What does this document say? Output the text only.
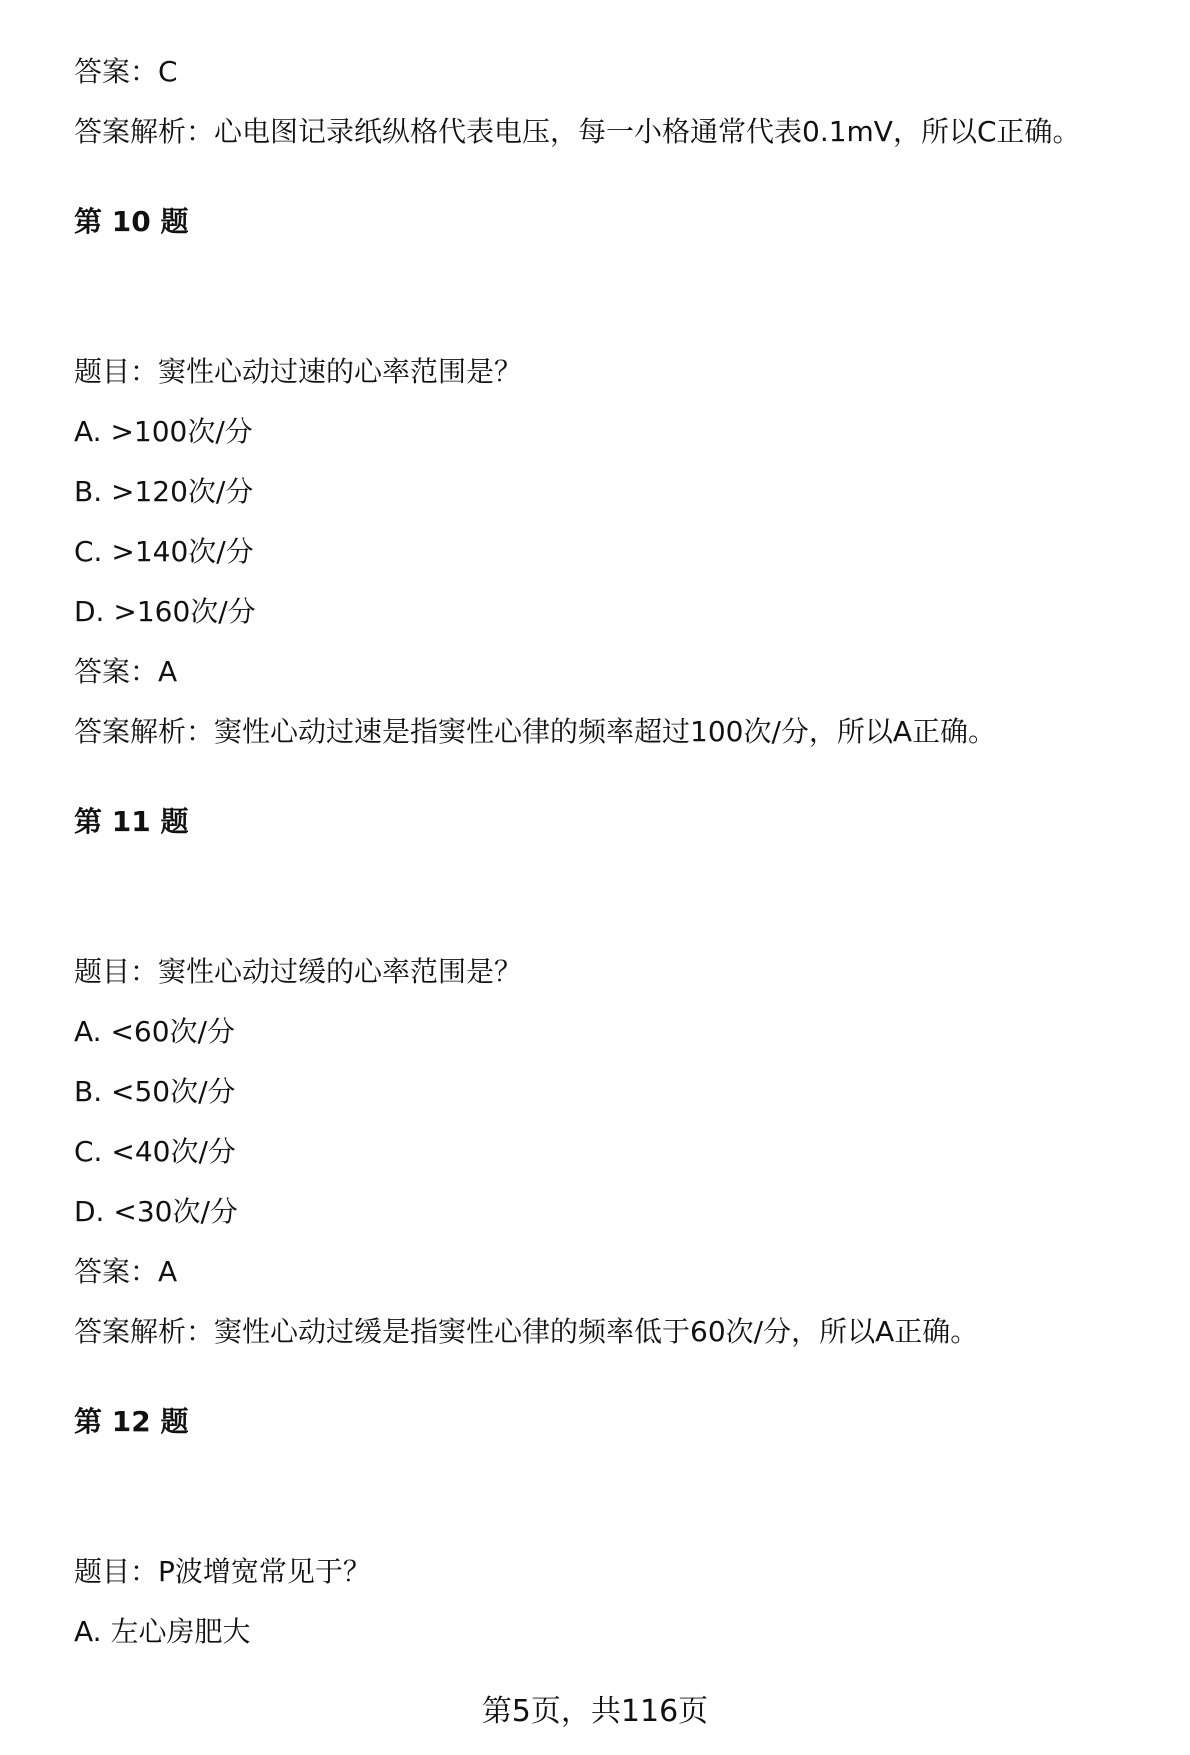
答案：C
答案解析：心电图记录纸纵格代表电压，每一小格通常代表0.1mV，所以C正确。
第 10 题
题目：窦性心动过速的心率范围是？
A. >100次/分
B. >120次/分
C. >140次/分
D. >160次/分
答案：A
答案解析：窦性心动过速是指窦性心律的频率超过100次/分，所以A正确。
第 11 题
题目：窦性心动过缓的心率范围是？
A. <60次/分
B. <50次/分
C. <40次/分
D. <30次/分
答案：A
答案解析：窦性心动过缓是指窦性心律的频率低于60次/分，所以A正确。
第 12 题
题目：P波增宽常见于？
A. 左心房肥大
第5页，共116页
